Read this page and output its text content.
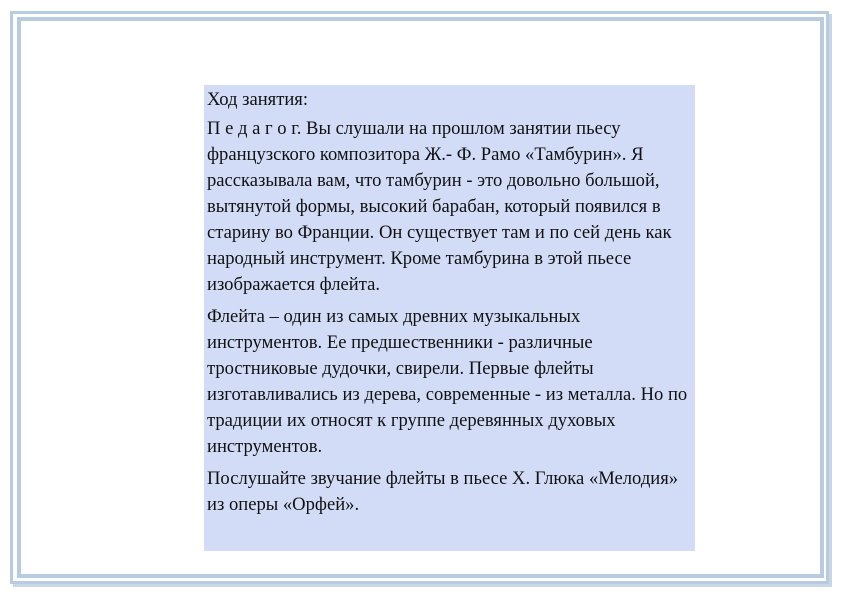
Ход занятия:

П е д а г о г. Вы слушали на прошлом занятии пьесу французского композитора Ж.- Ф. Рамо «Тамбурин». Я рассказывала вам, что тамбурин - это довольно большой, вытянутой формы, высокий барабан, который появился в старину во Франции. Он существует там и по сей день как народный инструмент. Кроме тамбурина в этой пьесе изображается флейта.

Флейта – один из самых древних музыкальных инструментов. Ее предшественники - различные тростниковые дудочки, свирели. Первые флейты изготавливались из дерева, современные - из металла. Но по традиции их относят к группе деревянных духовых инструментов.

Послушайте звучание флейты в пьесе Х. Глюка «Мелодия» из оперы «Орфей».
